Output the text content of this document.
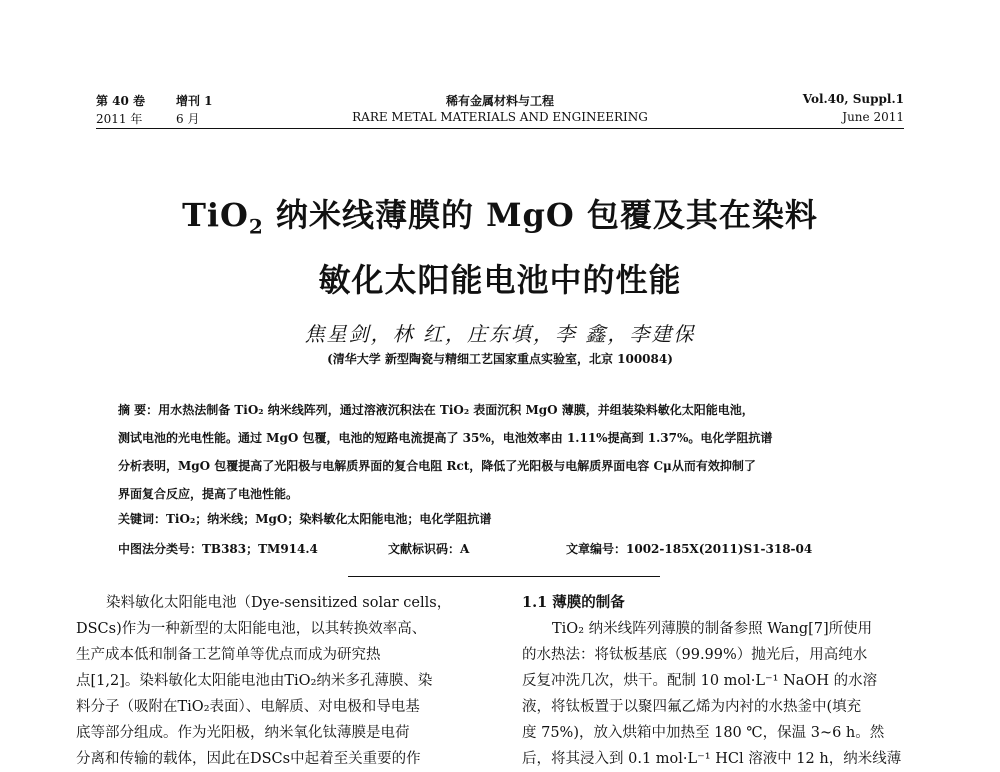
第 40 卷	增刊 1	稀有金属材料与工程	Vol.40, Suppl.1
2011 年	6 月	RARE METAL MATERIALS AND ENGINEERING	June 2011
TiO$_2$ 纳米线薄膜的 MgO 包覆及其在染料
敏化太阳能电池中的性能
焦星剑，林 红，庄东填，李 鑫，李建保
(清华大学 新型陶瓷与精细工艺国家重点实验室，北京 100084)

摘 要：用水热法制备 TiO₂ 纳米线阵列，通过溶液沉积法在 TiO₂ 表面沉积 MgO 薄膜，并组装染料敏化太阳能电池，

测试电池的光电性能。通过 MgO 包覆，电池的短路电流提高了 35%，电池效率由 1.11%提高到 1.37%。电化学阻抗谱

分析表明，MgO 包覆提高了光阳极与电解质界面的复合电阻 Rct，降低了光阳极与电解质界面电容 Cμ从而有效抑制了

界面复合反应，提高了电池性能。

关键词：TiO₂；纳米线；MgO；染料敏化太阳能电池；电化学阻抗谱
中图法分类号：TB383；TM914.4	文献标识码：A	文章编号：1002-185X(2011)S1-318-04

染料敏化太阳能电池（Dye-sensitized solar cells，

DSCs)作为一种新型的太阳能电池，以其转换效率高、

生产成本低和制备工艺简单等优点而成为研究热

点[1,2]。染料敏化太阳能电池由TiO₂纳米多孔薄膜、染

料分子（吸附在TiO₂表面）、电解质、对电极和导电基

底等部分组成。作为光阳极，纳米氧化钛薄膜是电荷

分离和传输的载体，因此在DSCs中起着至关重要的作

1.1 薄膜的制备

TiO₂ 纳米线阵列薄膜的制备参照 Wang[7]所使用

的水热法：将钛板基底（99.99%）抛光后，用高纯水

反复冲洗几次，烘干。配制 10 mol·L⁻¹ NaOH 的水溶

液，将钛板置于以聚四氟乙烯为内衬的水热釜中(填充

度 75%)，放入烘箱中加热至 180 ℃，保温 3~6 h。然

后，将其浸入到 0.1 mol·L⁻¹ HCl 溶液中 12 h，纳米线薄
